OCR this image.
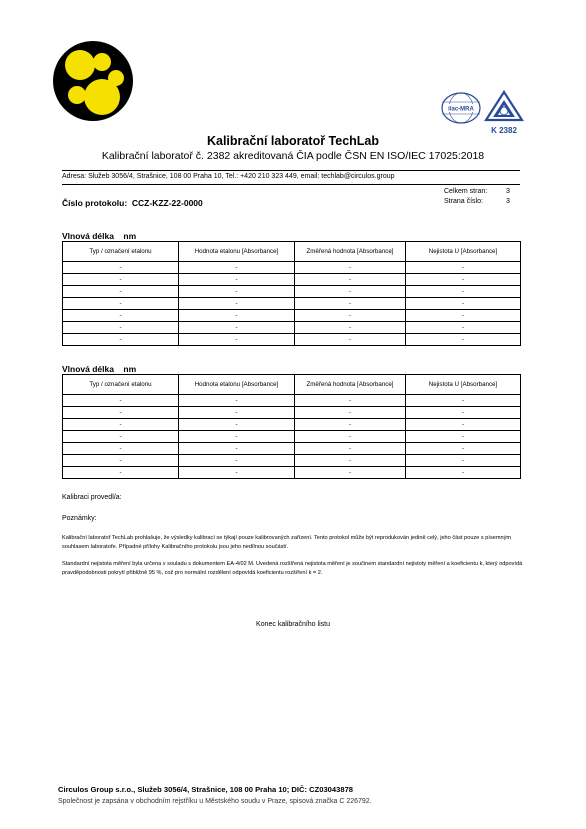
ilac-MRA
K 2382
Kalibrační laboratoř TechLab
Kalibrační laboratoř č. 2382 akreditovaná ČIA podle ČSN EN ISO/IEC 17025:2018
Adresa: Služeb 3056/4, Strašnice, 108 00 Praha 10, Tel.: +420 210 323 449, email: techlab@circulos.group
Celkem stran:	3
Strana číslo:	3
Číslo protokolu: CCZ-KZZ-22-0000
Vlnová délka nm
Typ / označení etalonu	Hodnota etalonu [Absorbance]	Změřená hodnota [Absorbance]	Nejistota U [Absorbance]
-	-	-	-
-	-	-	-
-	-	-	-
-	-	-	-
-	-	-	-
-	-	-	-
-	-	-	-
Vlnová délka nm
Typ / označení etalonu	Hodnota etalonu [Absorbance]	Změřená hodnota [Absorbance]	Nejistota U [Absorbance]
-	-	-	-
-	-	-	-
-	-	-	-
-	-	-	-
-	-	-	-
-	-	-	-
-	-	-	-
Kalibraci provedl/a:
Poznámky:
Kalibrační laboratoř TechLab prohlašuje, že výsledky kalibrací se týkají pouze kalibrovaných zařízení. Tento protokol může být reprodukován jedině celý, jeho část pouze s písemným souhlasem laboratoře. Případné přílohy Kalibračního protokolu jsou jeho nedílnou součástí.
Standardní nejistota měření byla určena v souladu s dokumentem EA-4/02 M. Uvedená rozšířená nejistota měření je součinem standardní nejistoty měření a koeficientu k, který odpovídá pravděpodobnosti pokrytí přibližně 95 %, což pro normální rozdělení odpovídá koeficientu rozšíření k = 2.
Konec kalibračního listu
Circulos Group s.r.o., Služeb 3056/4, Strašnice, 108 00 Praha 10; DIČ: CZ03043878
Společnost je zapsána v obchodním rejstříku u Městského soudu v Praze, spisová značka C 226792.
